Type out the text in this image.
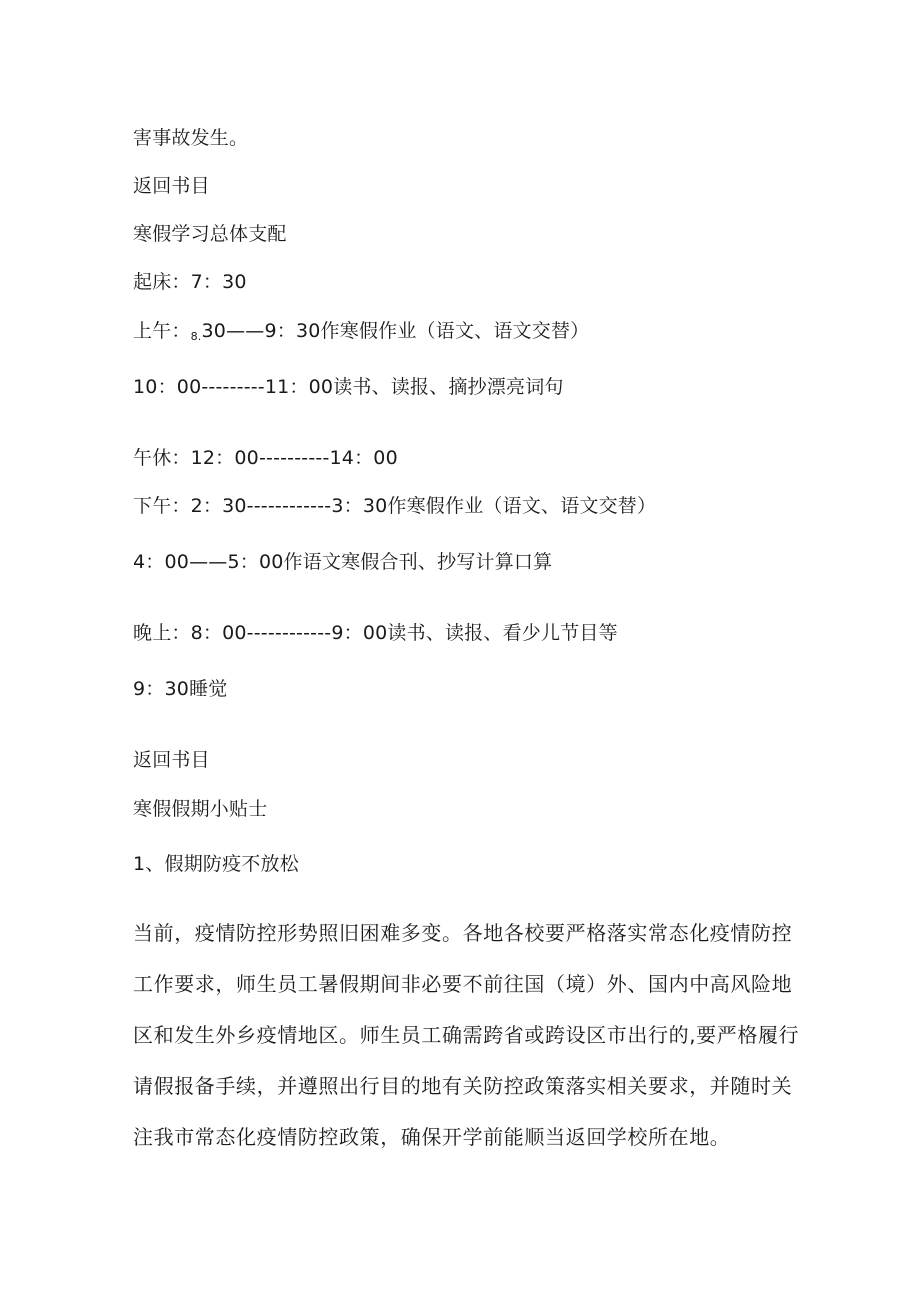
害事故发生。
返回书目
寒假学习总体支配
起床：7：30
上午：$_{8.}$30——9：30作寒假作业（语文、语文交替）
10：00---------11：00读书、读报、摘抄漂亮词句
午休：12：00----------14：00
下午：2：30------------3：30作寒假作业（语文、语文交替）
4：00——5：00作语文寒假合刊、抄写计算口算
晚上：8：00------------9：00读书、读报、看少儿节目等
9：30睡觉
返回书目
寒假假期小贴士
1、假期防疫不放松
当前，疫情防控形势照旧困难多变。各地各校要严格落实常态化疫情防控
工作要求，师生员工暑假期间非必要不前往国（境）外、国内中高风险地
区和发生外乡疫情地区。师生员工确需跨省或跨设区市出行的,要严格履行
请假报备手续，并遵照出行目的地有关防控政策落实相关要求，并随时关
注我市常态化疫情防控政策，确保开学前能顺当返回学校所在地。
